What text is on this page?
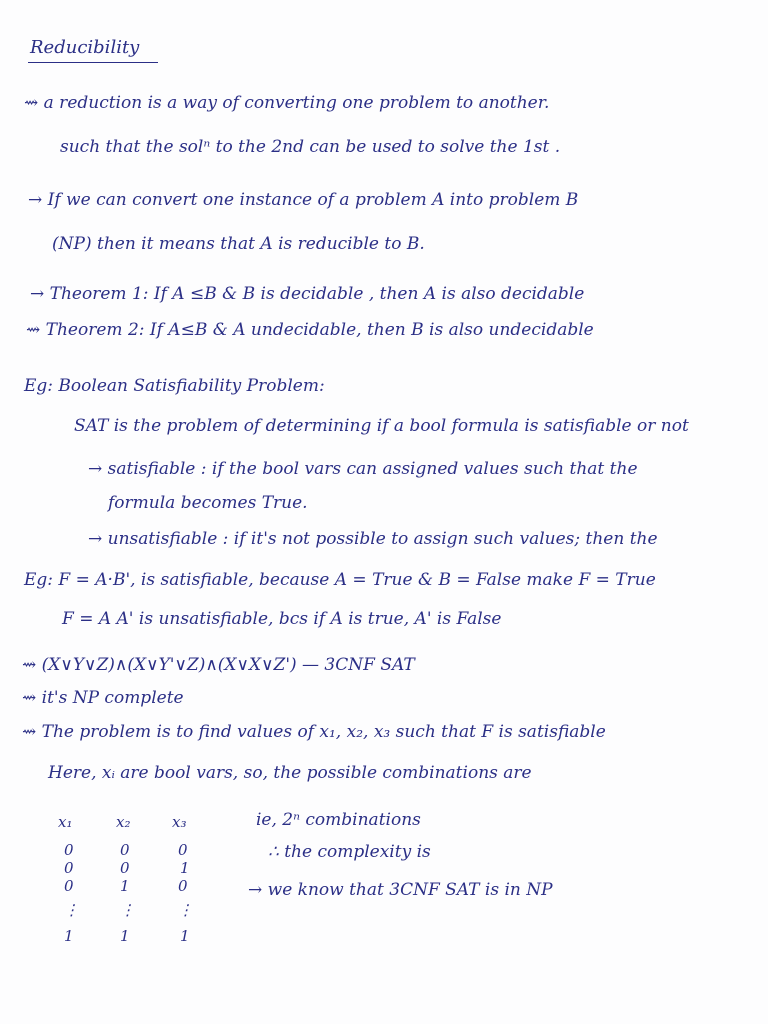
Reducibility
⇝ a reduction is a way of converting one problem to another.
such that the solⁿ to the 2nd can be used to solve the 1st .
→ If we can convert one instance of a problem A into problem B
(NP) then it means that A is reducible to B.
→ Theorem 1: If A ≤B & B is decidable , then A is also decidable
⇝ Theorem 2: If A≤B & A undecidable, then B is also undecidable
Eg: Boolean Satisfiability Problem:
SAT is the problem of determining if a bool formula is satisfiable or not
→ satisfiable : if the bool vars can assigned values such that the
formula becomes True.
→ unsatisfiable : if it's not possible to assign such values; then the
Eg: F = A·B', is satisfiable, because A = True & B = False make F = True
F = A A' is unsatisfiable, bcs if A is true, A' is False
⇝ (X∨Y∨Z)∧(X∨Y'∨Z)∧(X∨X∨Z') — 3CNF SAT
⇝ it's NP complete
⇝ The problem is to find values of x₁, x₂, x₃ such that F is satisfiable
Here, xᵢ are bool vars, so, the possible combinations are
x₁	x₂	x₃
0	0	0
0	0	1
0	1	0
⋮	⋮	⋮
1	1	1
ie, 2ⁿ combinations
∴ the complexity is
→ we know that 3CNF SAT is in NP
